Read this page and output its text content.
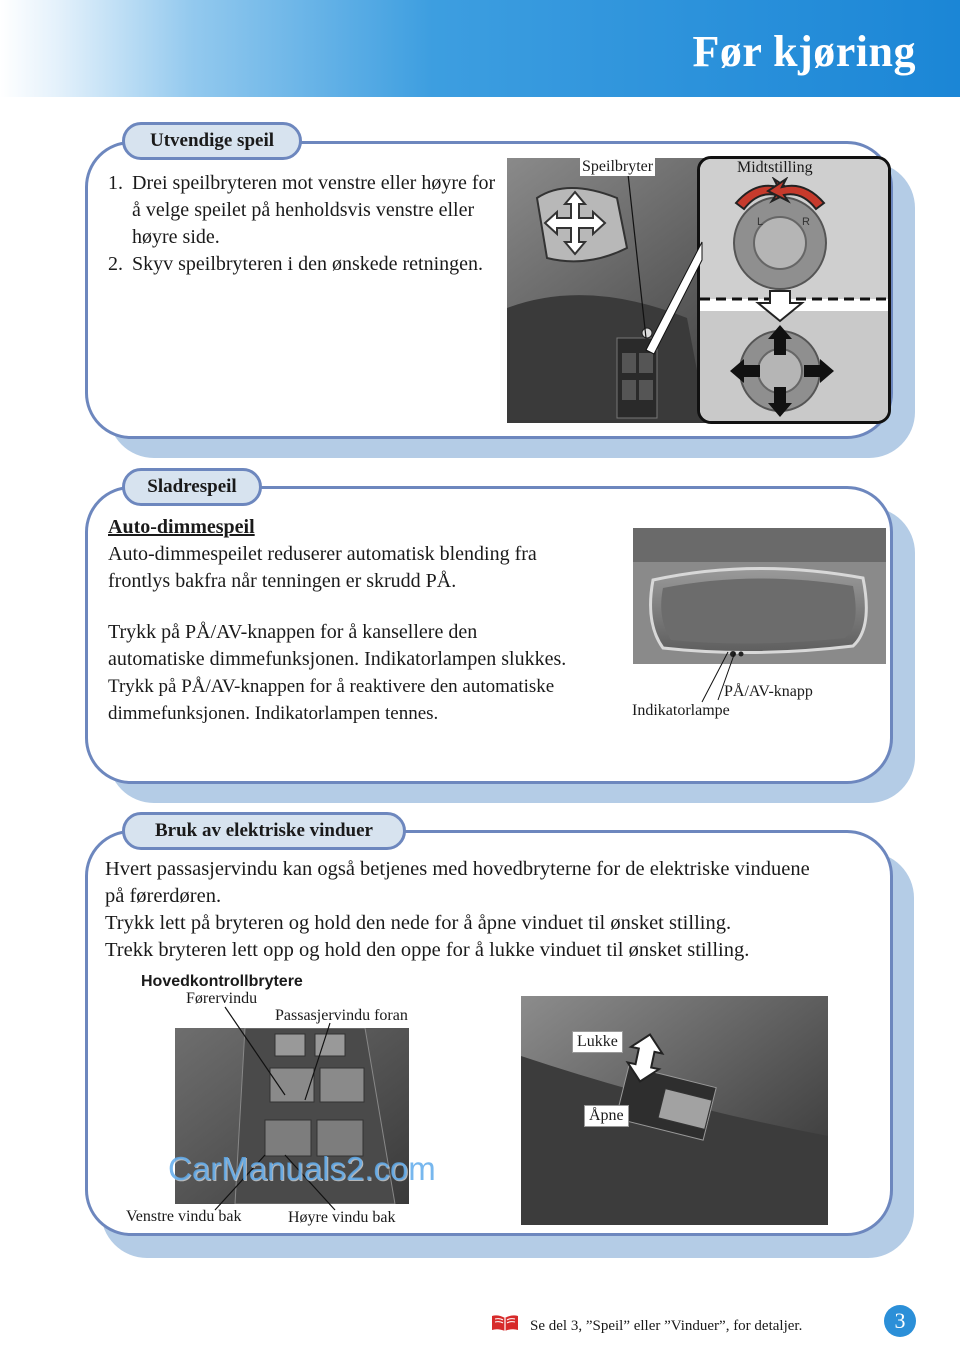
Før kjøring
Utvendige speil
1. Drei speilbryteren mot venstre eller høyre for å velge speilet på henholdsvis venstre eller høyre side.
2. Skyv speilbryteren i den ønskede retningen.
L	R
Speilbryter	Midtstilling
Sladrespeil
Auto-dimmespeil
Auto-dimmespeilet reduserer automatisk blending fra frontlys bakfra når tenningen er skrudd PÅ.
Trykk på PÅ/AV-knappen for å kansellere den automatiske dimmefunksjonen. Indikatorlampen slukkes.
Trykk på PÅ/AV-knappen for å reaktivere den automatiske dimmefunksjonen. Indikatorlampen tennes.
PÅ/AV-knapp
Indikatorlampe
Bruk av elektriske vinduer
Hvert passasjervindu kan også betjenes med hovedbryterne for de elektriske vinduene på førerdøren.
Trykk lett på bryteren og hold den nede for å åpne vinduet til ønsket stilling.
Trekk bryteren lett opp og hold den oppe for å lukke vinduet til ønsket stilling.
Hovedkontrollbrytere
Førervindu
Passasjervindu foran
Venstre vindu bak	Høyre vindu bak
Lukke
Åpne
CarManuals2.com
Se del 3, ”Speil” eller ”Vinduer”, for detaljer.	3
